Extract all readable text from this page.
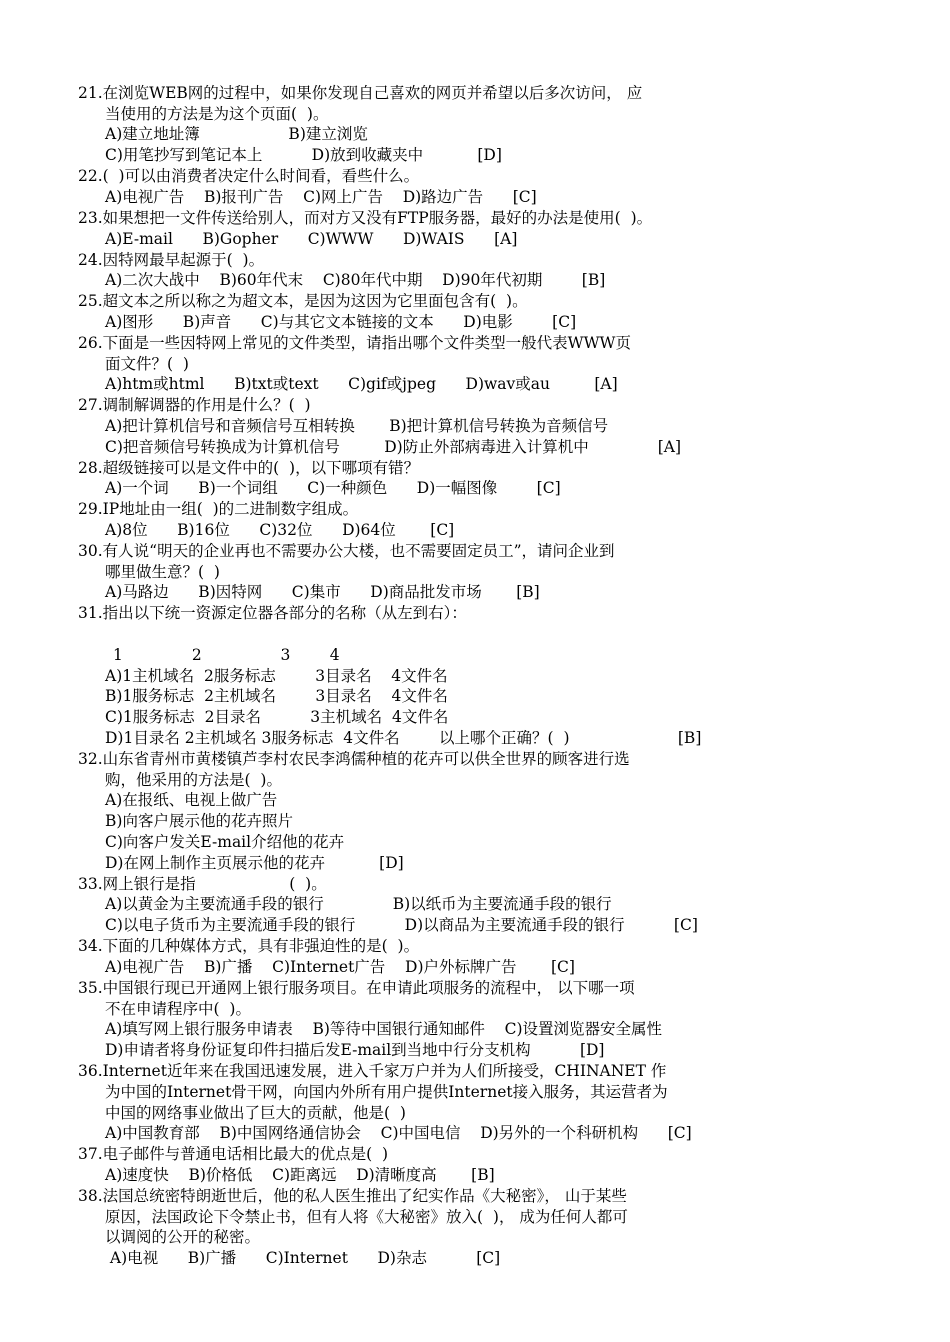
21.在浏览WEB网的过程中，如果你发现自己喜欢的网页并希望以后多次访问， 应
当使用的方法是为这个页面(  )。
A)建立地址簿                  B)建立浏览
C)用笔抄写到笔记本上          D)放到收藏夹中           [D]
22.(  )可以由消费者决定什么时间看，看些什么。
A)电视广告    B)报刊广告    C)网上广告    D)路边广告      [C]
23.如果想把一文件传送给别人，而对方又没有FTP服务器，最好的办法是使用(  )。
A)E-mail      B)Gopher      C)WWW      D)WAIS      [A]
24.因特网最早起源于(  )。
A)二次大战中    B)60年代末    C)80年代中期    D)90年代初期        [B]
25.超文本之所以称之为超文本，是因为这因为它里面包含有(  )。
A)图形      B)声音      C)与其它文本链接的文本      D)电影        [C]
26.下面是一些因特网上常见的文件类型，请指出哪个文件类型一般代表WWW页
面文件？(  )
A)htm或html      B)txt或text      C)gif或jpeg      D)wav或au         [A]
27.调制解调器的作用是什么？(  )
A)把计算机信号和音频信号互相转换       B)把计算机信号转换为音频信号
C)把音频信号转换成为计算机信号         D)防止外部病毒进入计算机中              [A]
28.超级链接可以是文件中的(  )，以下哪项有错？
A)一个词      B)一个词组      C)一种颜色      D)一幅图像        [C]
29.IP地址由一组(  )的二进制数字组成。
A)8位      B)16位      C)32位      D)64位       [C]
30.有人说“明天的企业再也不需要办公大楼，也不需要固定员工”，请问企业到
哪里做生意？(  )
A)马路边      B)因特网      C)集市      D)商品批发市场       [B]
31.指出以下统一资源定位器各部分的名称（从左到右）：
1              2                3        4
A)1主机域名  2服务标志        3目录名    4文件名
B)1服务标志  2主机域名        3目录名    4文件名
C)1服务标志  2目录名          3主机域名  4文件名
D)1目录名 2主机域名 3服务标志  4文件名        以上哪个正确？(  )                      [B]
32.山东省青州市黄楼镇芦李村农民李鸿儒种植的花卉可以供全世界的顾客进行选
购，他采用的方法是(  )。
A)在报纸、电视上做广告
B)向客户展示他的花卉照片
C)向客户发关E-mail介绍他的花卉
D)在网上制作主页展示他的花卉           [D]
33.网上银行是指                   (  )。
A)以黄金为主要流通手段的银行              B)以纸币为主要流通手段的银行
C)以电子货币为主要流通手段的银行          D)以商品为主要流通手段的银行          [C]
34.下面的几种媒体方式，具有非强迫性的是(  )。
A)电视广告    B)广播    C)Internet广告    D)户外标牌广告       [C]
35.中国银行现已开通网上银行服务项目。在申请此项服务的流程中， 以下哪一项
不在申请程序中(  )。
A)填写网上银行服务申请表    B)等待中国银行通知邮件    C)设置浏览器安全属性
D)申请者将身份证复印件扫描后发E-mail到当地中行分支机构          [D]
36.Internet近年来在我国迅速发展，进入千家万户并为人们所接受，CHINANET 作
为中国的Internet骨干网，向国内外所有用户提供Internet接入服务，其运营者为
中国的网络事业做出了巨大的贡献，他是(  )
A)中国教育部    B)中国网络通信协会    C)中国电信    D)另外的一个科研机构      [C]
37.电子邮件与普通电话相比最大的优点是(  )
A)速度快    B)价格低    C)距离远    D)清晰度高       [B]
38.法国总统密特朗逝世后，他的私人医生推出了纪实作品《大秘密》， 山于某些
原因，法国政论下令禁止书，但有人将《大秘密》放入(  )， 成为任何人都可
以调阅的公开的秘密。
A)电视      B)广播      C)Internet      D)杂志          [C]
